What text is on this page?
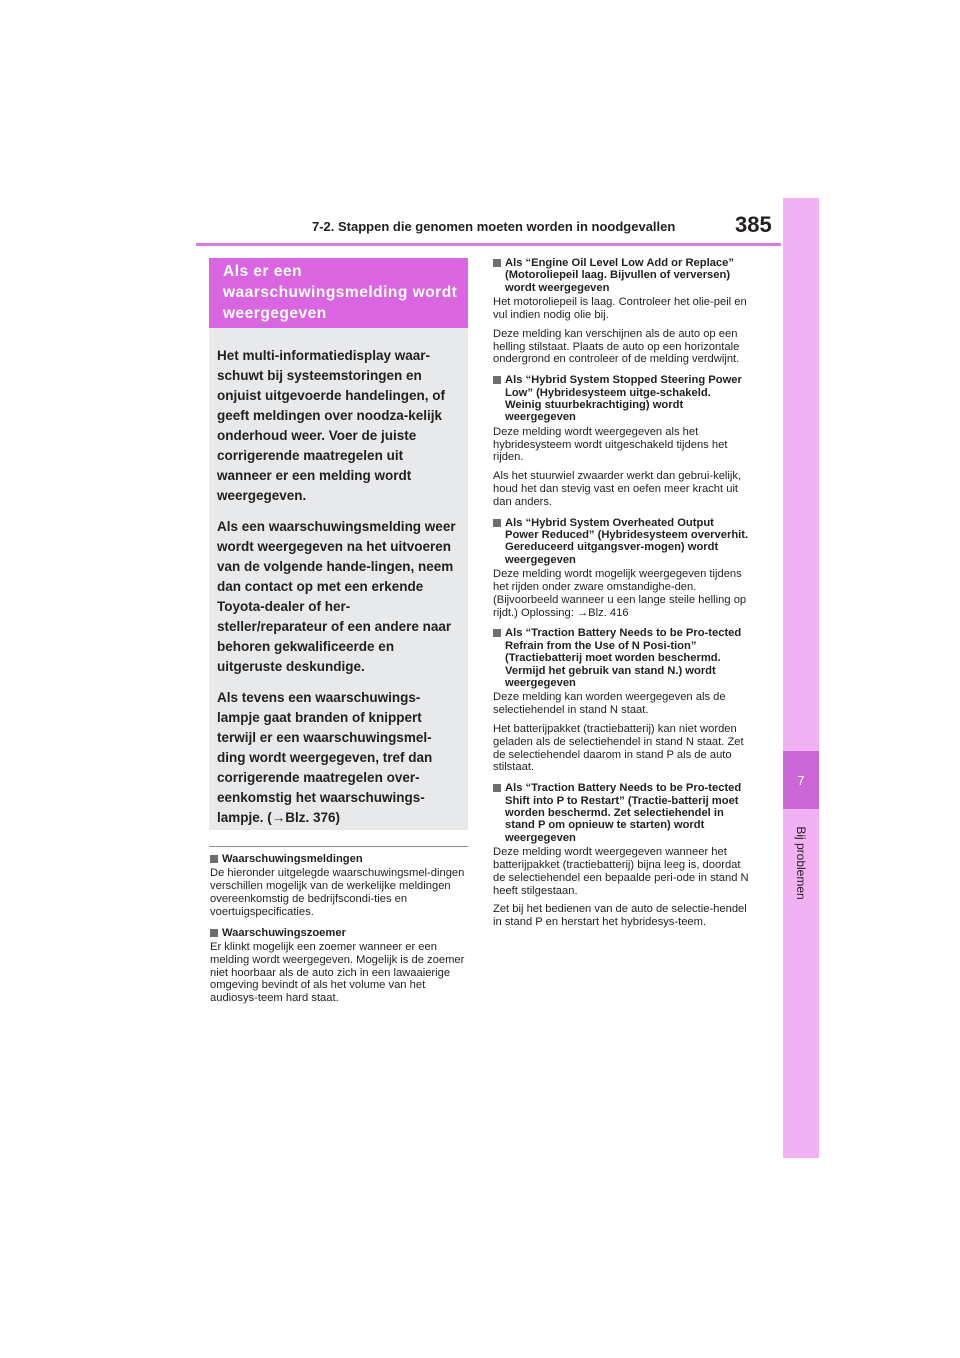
7-2. Stappen die genomen moeten worden in noodgevallen	385
7
Bij problemen
Als er een waarschuwingsmelding wordt weergegeven

Het multi-informatiedisplay waar-schuwt bij systeemstoringen en onjuist uitgevoerde handelingen, of geeft meldingen over noodza-kelijk onderhoud weer. Voer de juiste corrigerende maatregelen uit wanneer er een melding wordt weergegeven.

Als een waarschuwingsmelding weer wordt weergegeven na het uitvoeren van de volgende hande-lingen, neem dan contact op met een erkende Toyota-dealer of her-steller/reparateur of een andere naar behoren gekwalificeerde en uitgeruste deskundige.

Als tevens een waarschuwings-lampje gaat branden of knippert terwijl er een waarschuwingsmel-ding wordt weergegeven, tref dan corrigerende maatregelen over-eenkomstig het waarschuwings-lampje. (→Blz. 376)

Waarschuwingsmeldingen

De hieronder uitgelegde waarschuwingsmel-dingen verschillen mogelijk van de werkelijke meldingen overeenkomstig de bedrijfscondi-ties en voertuigspecificaties.

Waarschuwingszoemer

Er klinkt mogelijk een zoemer wanneer er een melding wordt weergegeven. Mogelijk is de zoemer niet hoorbaar als de auto zich in een lawaaierige omgeving bevindt of als het volume van het audiosys-teem hard staat.

Als “Engine Oil Level Low Add or Replace” (Motoroliepeil laag. Bijvullen of verversen) wordt weergegeven

Het motoroliepeil is laag. Controleer het olie-peil en vul indien nodig olie bij.

Deze melding kan verschijnen als de auto op een helling stilstaat. Plaats de auto op een horizontale ondergrond en controleer of de melding verdwijnt.

Als “Hybrid System Stopped Steering Power Low” (Hybridesysteem uitge-schakeld. Weinig stuurbekrachtiging) wordt weergegeven

Deze melding wordt weergegeven als het hybridesysteem wordt uitgeschakeld tijdens het rijden.

Als het stuurwiel zwaarder werkt dan gebrui-kelijk, houd het dan stevig vast en oefen meer kracht uit dan anders.

Als “Hybrid System Overheated Output Power Reduced” (Hybridesysteem oververhit. Gereduceerd uitgangsver-mogen) wordt weergegeven

Deze melding wordt mogelijk weergegeven tijdens het rijden onder zware omstandighe-den. (Bijvoorbeeld wanneer u een lange steile helling op rijdt.) Oplossing: →Blz. 416

Als “Traction Battery Needs to be Pro-tected Refrain from the Use of N Posi-tion” (Tractiebatterij moet worden beschermd. Vermijd het gebruik van stand N.) wordt weergegeven

Deze melding kan worden weergegeven als de selectiehendel in stand N staat.

Het batterijpakket (tractiebatterij) kan niet worden geladen als de selectiehendel in stand N staat. Zet de selectiehendel daarom in stand P als de auto stilstaat.

Als “Traction Battery Needs to be Pro-tected Shift into P to Restart” (Tractie-batterij moet worden beschermd. Zet selectiehendel in stand P om opnieuw te starten) wordt weergegeven

Deze melding wordt weergegeven wanneer het batterijpakket (tractiebatterij) bijna leeg is, doordat de selectiehendel een bepaalde peri-ode in stand N heeft stilgestaan.

Zet bij het bedienen van de auto de selectie-hendel in stand P en herstart het hybridesys-teem.
